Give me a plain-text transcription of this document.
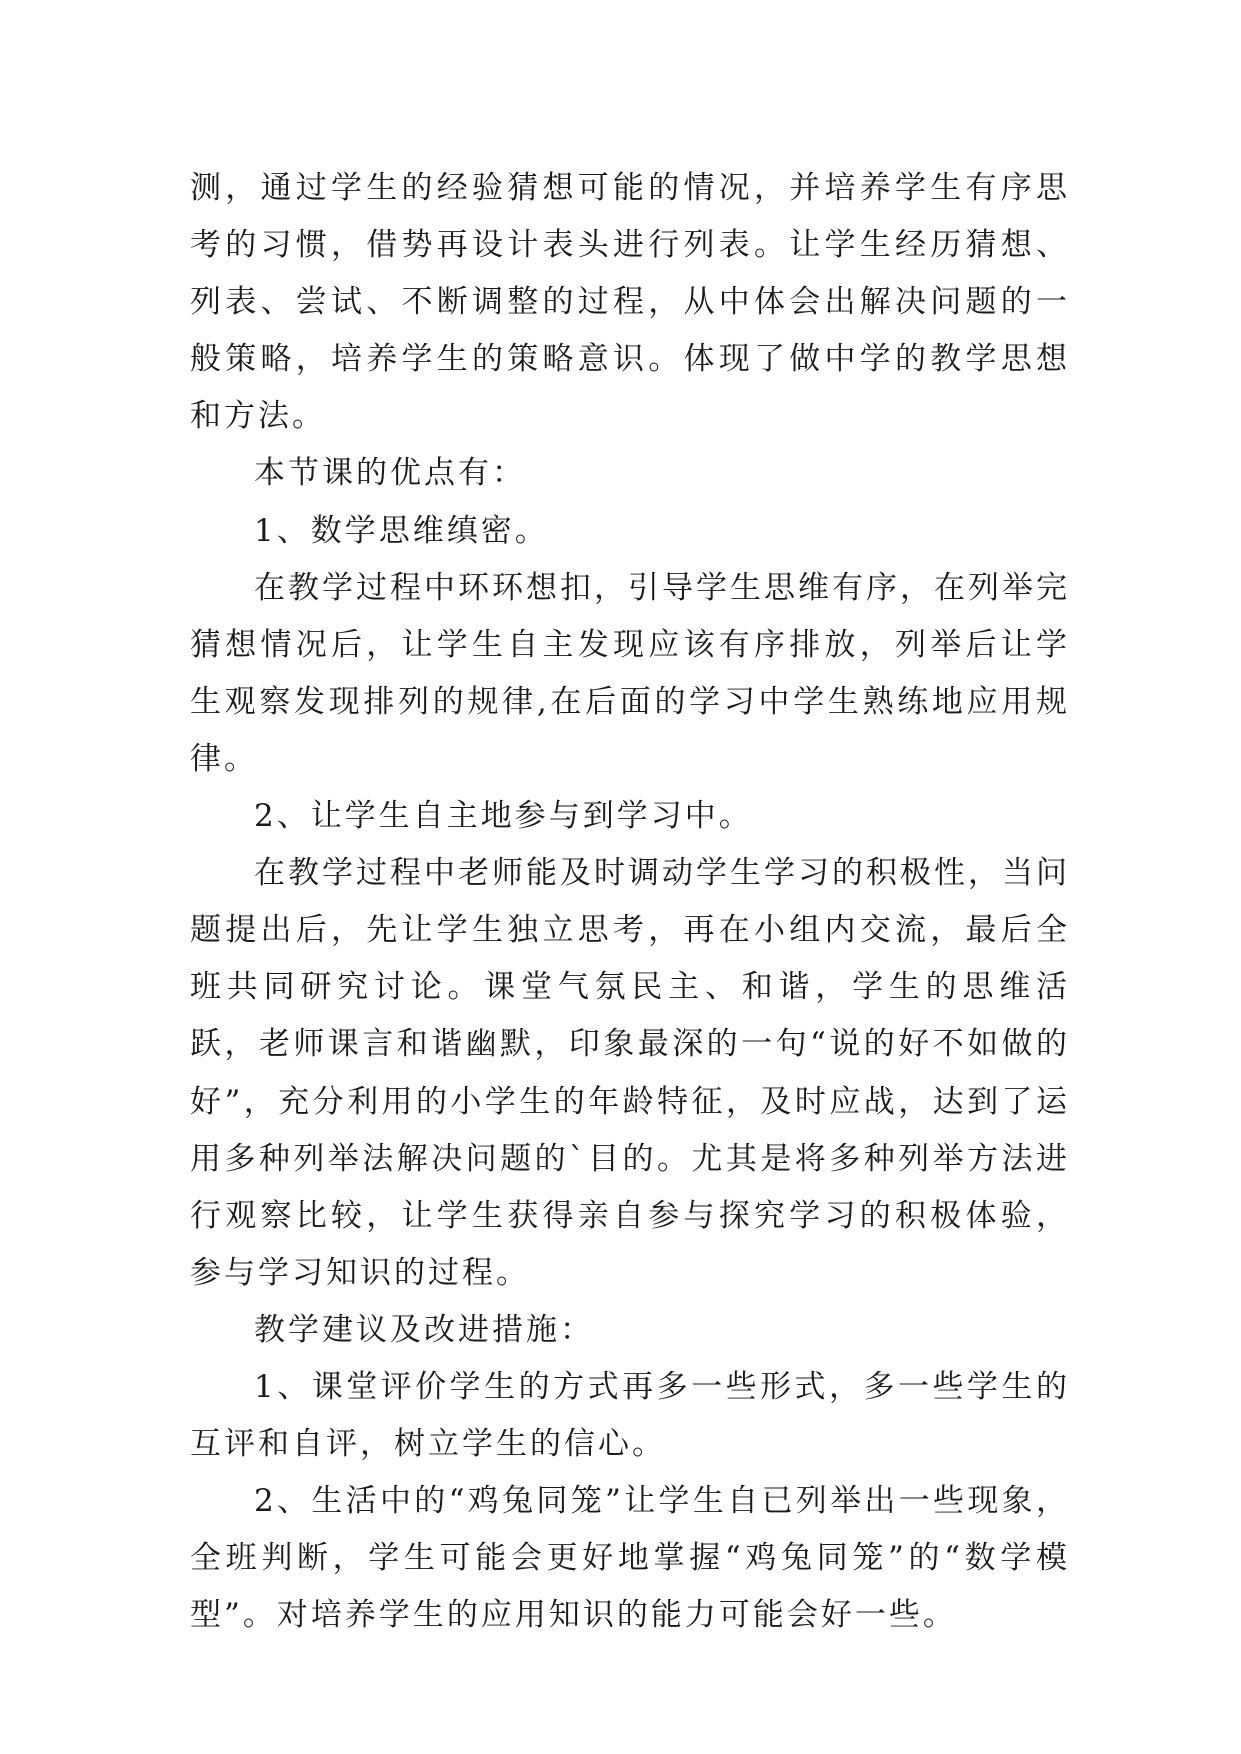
测，通过学生的经验猜想可能的情况，并培养学生有序思考的习惯，借势再设计表头进行列表。让学生经历猜想、列表、尝试、不断调整的过程，从中体会出解决问题的一般策略，培养学生的策略意识。体现了做中学的教学思想和方法。

本节课的优点有：

1、数学思维缜密。

在教学过程中环环想扣，引导学生思维有序，在列举完猜想情况后，让学生自主发现应该有序排放，列举后让学生观察发现排列的规律,在后面的学习中学生熟练地应用规律。

2、让学生自主地参与到学习中。

在教学过程中老师能及时调动学生学习的积极性，当问题提出后，先让学生独立思考，再在小组内交流，最后全班共同研究讨论。课堂气氛民主、和谐，学生的思维活跃，老师课言和谐幽默，印象最深的一句“说的好不如做的好”，充分利用的小学生的年龄特征，及时应战，达到了运用多种列举法解决问题的`目的。尤其是将多种列举方法进行观察比较，让学生获得亲自参与探究学习的积极体验，参与学习知识的过程。

教学建议及改进措施：

1、课堂评价学生的方式再多一些形式，多一些学生的互评和自评，树立学生的信心。

2、生活中的“鸡兔同笼”让学生自已列举出一些现象，全班判断，学生可能会更好地掌握“鸡兔同笼”的“数学模型”。对培养学生的应用知识的能力可能会好一些。
